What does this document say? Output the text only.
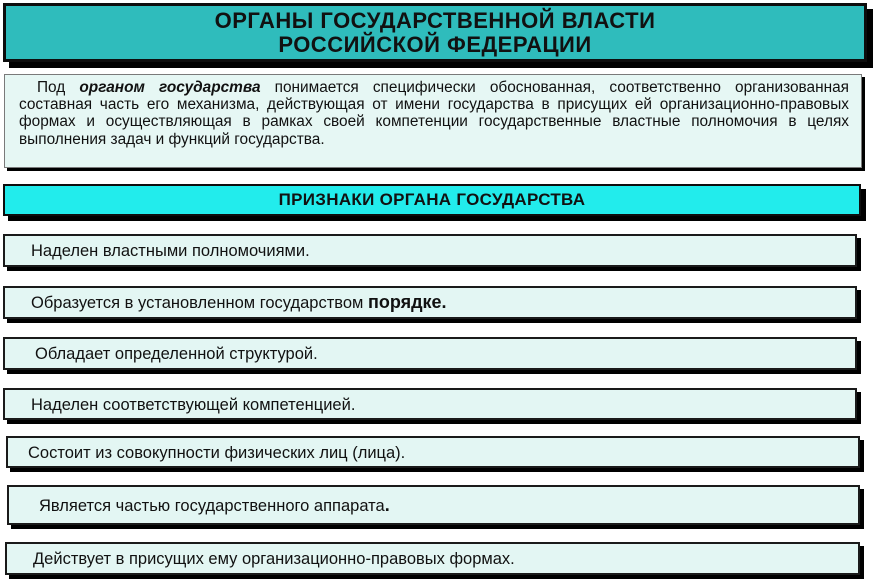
ОРГАНЫ ГОСУДАРСТВЕННОЙ ВЛАСТИ
РОССИЙСКОЙ ФЕДЕРАЦИИ

Под органом государства понимается специфически обоснованная, соответственно организованная составная часть его механизма, действующая от имени государства в присущих ей организационно-правовых формах и осуществляющая в рамках своей компетенции государственные властные полномочия в целях выполнения задач и функций государства.

ПРИЗНАКИ ОРГАНА ГОСУДАРСТВА
Наделен властными полномочиями.
Образуется в установленном государством порядке.
Обладает определенной структурой.
Наделен соответствующей компетенцией.
Состоит из совокупности физических лиц (лица).
Является частью государственного аппарата.
Действует в присущих ему организационно-правовых формах.
